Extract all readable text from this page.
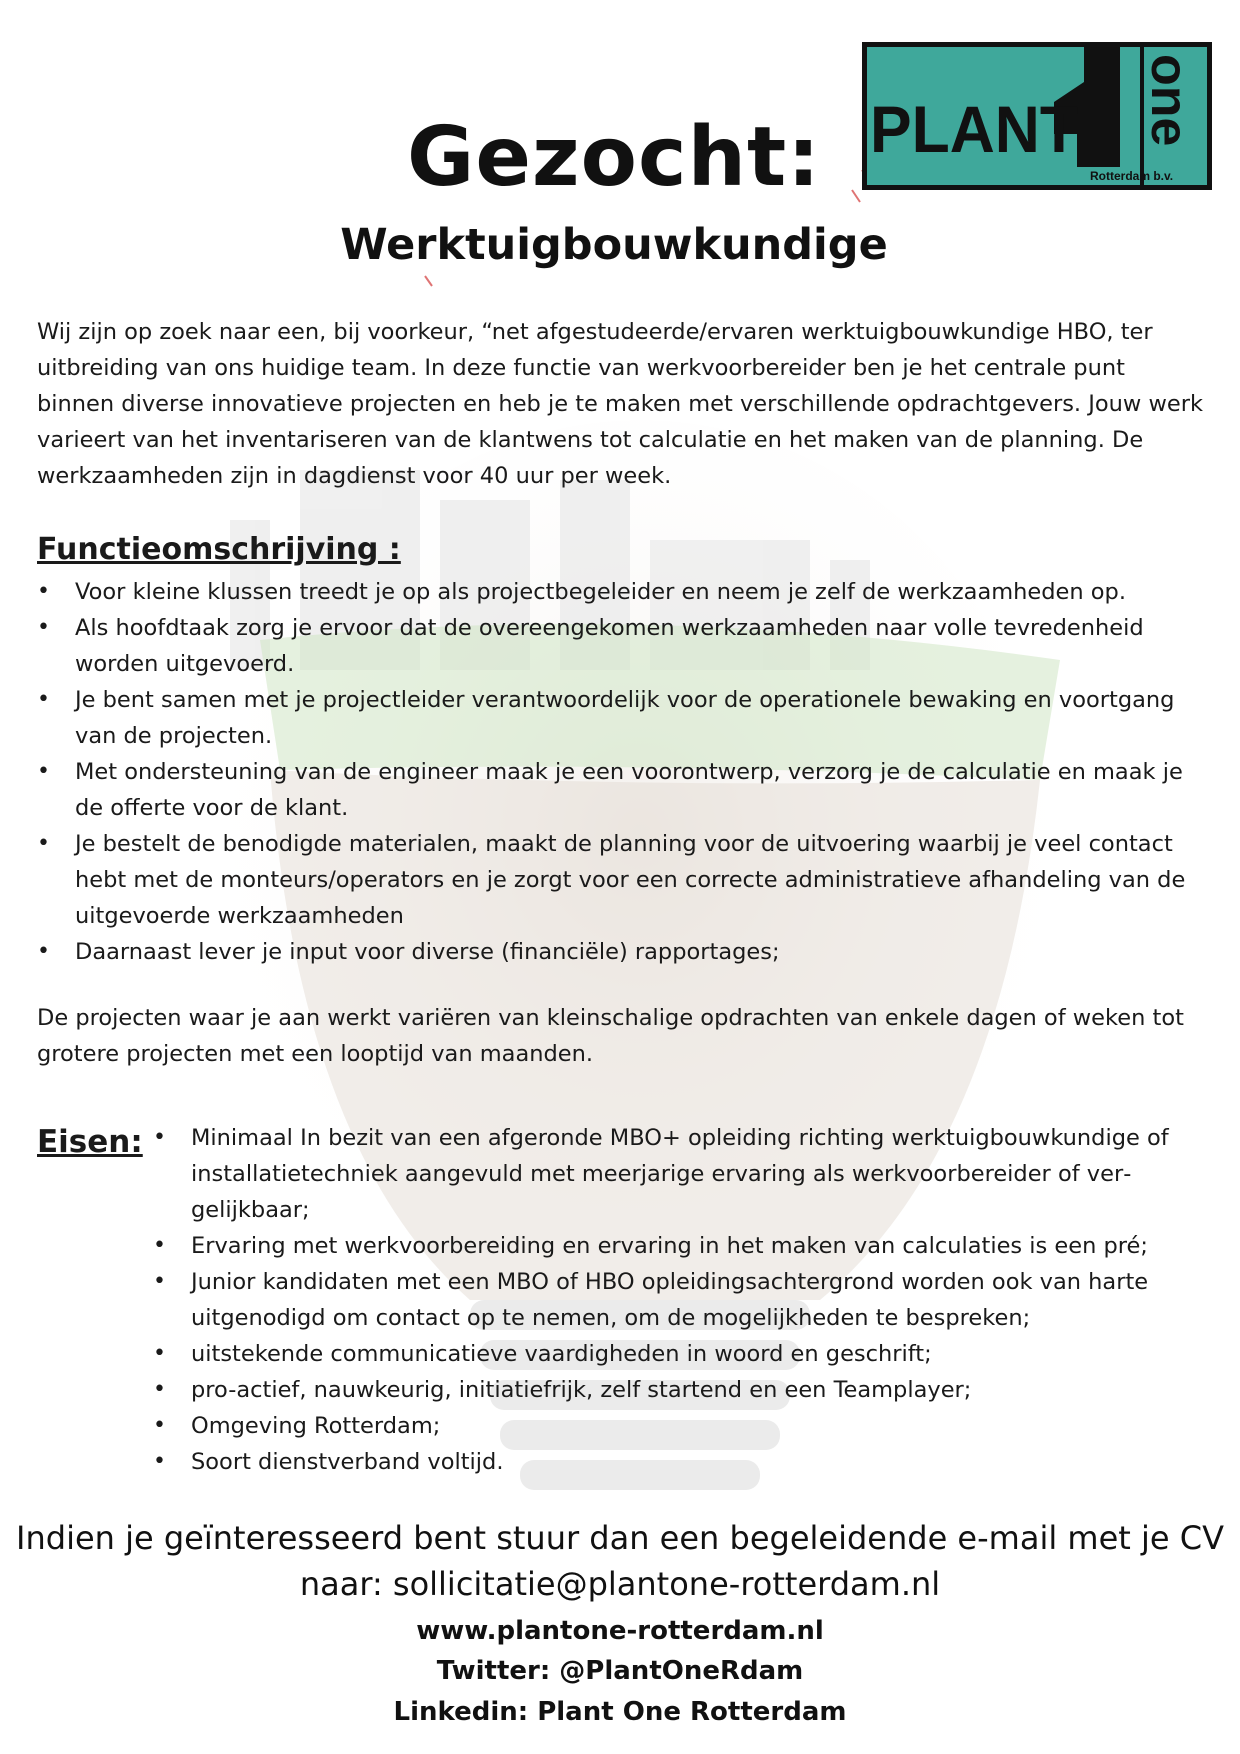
PLANT one
Rotterdam b.v.
Gezocht:
Werktuigbouwkundige

Wij zijn op zoek naar een, bij voorkeur, “net afgestudeerde/ervaren werktuigbouwkundige HBO, ter uitbreiding van ons huidige team. In deze functie van werkvoorbereider ben je het centrale punt binnen diverse innovatieve projecten en heb je te maken met verschillende opdrachtgevers. Jouw werk varieert van het inventariseren van de klantwens tot calculatie en het maken van de planning. De werkzaamheden zijn in dagdienst voor 40 uur per week.

Functieomschrijving :
• Voor kleine klussen treedt je op als projectbegeleider en neem je zelf de werkzaamheden op.
• Als hoofdtaak zorg je ervoor dat de overeengekomen werkzaamheden naar volle tevredenheid worden uitgevoerd.
• Je bent samen met je projectleider verantwoordelijk voor de operationele bewaking en voortgang van de projecten.
• Met ondersteuning van de engineer maak je een voorontwerp, verzorg je de calculatie en maak je de offerte voor de klant.
• Je bestelt de benodigde materialen, maakt de planning voor de uitvoering waarbij je veel contact hebt met de monteurs/operators en je zorgt voor een correcte administratieve afhandeling van de uitgevoerde werkzaamheden
• Daarnaast lever je input voor diverse (financiële) rapportages;

De projecten waar je aan werkt variëren van kleinschalige opdrachten van enkele dagen of weken tot grotere projecten met een looptijd van maanden.

Eisen:
•	Minimaal In bezit van een afgeronde MBO+ opleiding richting werktuigbouwkundige of installatietechniek aangevuld met meerjarige ervaring als werkvoorbereider of vergelijkbaar;
• Ervaring met werkvoorbereiding en ervaring in het maken van calculaties is een pré;
• Junior kandidaten met een MBO of HBO opleidingsachtergrond worden ook van harte uitgenodigd om contact op te nemen, om de mogelijkheden te bespreken;
• uitstekende communicatieve vaardigheden in woord en geschrift;
• pro-actief, nauwkeurig, initiatiefrijk, zelf startend en een Teamplayer;
• Omgeving Rotterdam;
• Soort dienstverband voltijd.

Indien je geïnteresseerd bent stuur dan een begeleidende e-mail met je CV

naar: sollicitatie@plantone-rotterdam.nl

www.plantone-rotterdam.nl

Twitter: @PlantOneRdam

Linkedin: Plant One Rotterdam
